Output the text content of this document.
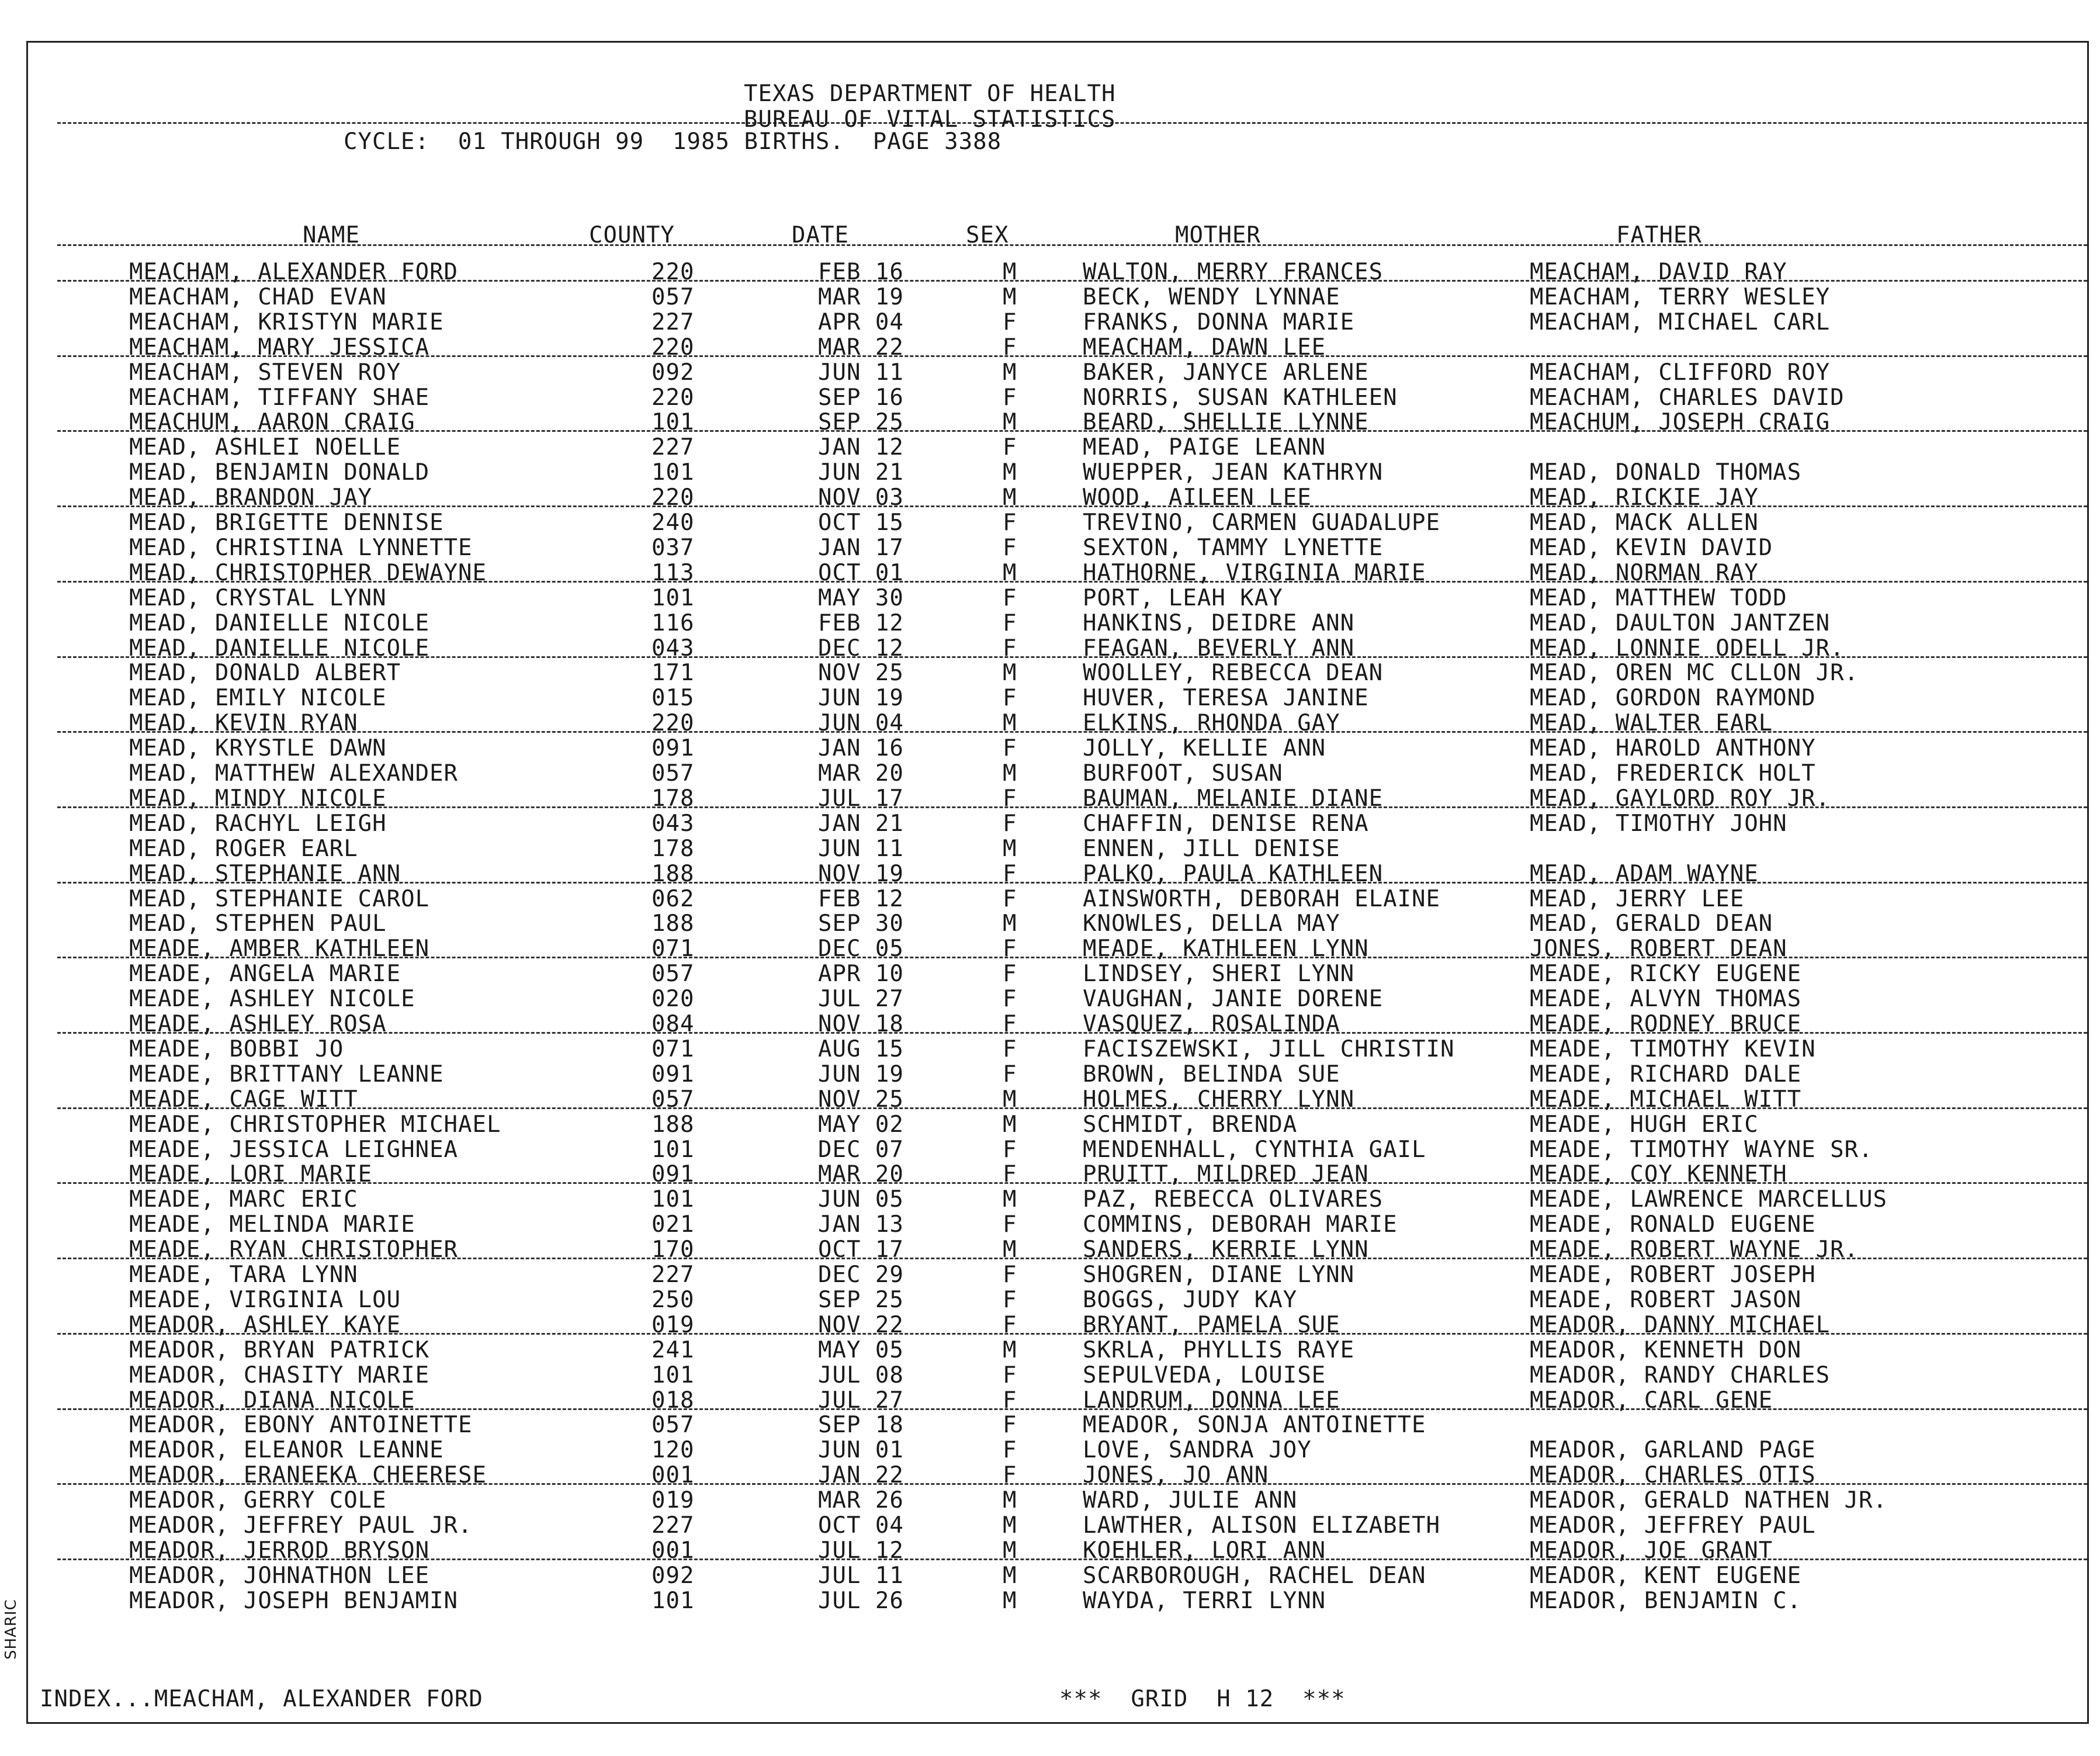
TEXAS DEPARTMENT OF HEALTH
BUREAU OF VITAL STATISTICS
CYCLE:  01 THROUGH 99  1985 BIRTHS.  PAGE 3388
NAME	COUNTY	DATE	SEX	MOTHER	FATHER
MEACHAM, ALEXANDER FORD	220	FEB 16	M	WALTON, MERRY FRANCES	MEACHAM, DAVID RAY
MEACHAM, CHAD EVAN	057	MAR 19	M	BECK, WENDY LYNNAE	MEACHAM, TERRY WESLEY
MEACHAM, KRISTYN MARIE	227	APR 04	F	FRANKS, DONNA MARIE	MEACHAM, MICHAEL CARL
MEACHAM, MARY JESSICA	220	MAR 22	F	MEACHAM, DAWN LEE
MEACHAM, STEVEN ROY	092	JUN 11	M	BAKER, JANYCE ARLENE	MEACHAM, CLIFFORD ROY
MEACHAM, TIFFANY SHAE	220	SEP 16	F	NORRIS, SUSAN KATHLEEN	MEACHAM, CHARLES DAVID
MEACHUM, AARON CRAIG	101	SEP 25	M	BEARD, SHELLIE LYNNE	MEACHUM, JOSEPH CRAIG
MEAD, ASHLEI NOELLE	227	JAN 12	F	MEAD, PAIGE LEANN
MEAD, BENJAMIN DONALD	101	JUN 21	M	WUEPPER, JEAN KATHRYN	MEAD, DONALD THOMAS
MEAD, BRANDON JAY	220	NOV 03	M	WOOD, AILEEN LEE	MEAD, RICKIE JAY
MEAD, BRIGETTE DENNISE	240	OCT 15	F	TREVINO, CARMEN GUADALUPE	MEAD, MACK ALLEN
MEAD, CHRISTINA LYNNETTE	037	JAN 17	F	SEXTON, TAMMY LYNETTE	MEAD, KEVIN DAVID
MEAD, CHRISTOPHER DEWAYNE	113	OCT 01	M	HATHORNE, VIRGINIA MARIE	MEAD, NORMAN RAY
MEAD, CRYSTAL LYNN	101	MAY 30	F	PORT, LEAH KAY	MEAD, MATTHEW TODD
MEAD, DANIELLE NICOLE	116	FEB 12	F	HANKINS, DEIDRE ANN	MEAD, DAULTON JANTZEN
MEAD, DANIELLE NICOLE	043	DEC 12	F	FEAGAN, BEVERLY ANN	MEAD, LONNIE ODELL JR.
MEAD, DONALD ALBERT	171	NOV 25	M	WOOLLEY, REBECCA DEAN	MEAD, OREN MC CLLON JR.
MEAD, EMILY NICOLE	015	JUN 19	F	HUVER, TERESA JANINE	MEAD, GORDON RAYMOND
MEAD, KEVIN RYAN	220	JUN 04	M	ELKINS, RHONDA GAY	MEAD, WALTER EARL
MEAD, KRYSTLE DAWN	091	JAN 16	F	JOLLY, KELLIE ANN	MEAD, HAROLD ANTHONY
MEAD, MATTHEW ALEXANDER	057	MAR 20	M	BURFOOT, SUSAN	MEAD, FREDERICK HOLT
MEAD, MINDY NICOLE	178	JUL 17	F	BAUMAN, MELANIE DIANE	MEAD, GAYLORD ROY JR.
MEAD, RACHYL LEIGH	043	JAN 21	F	CHAFFIN, DENISE RENA	MEAD, TIMOTHY JOHN
MEAD, ROGER EARL	178	JUN 11	M	ENNEN, JILL DENISE
MEAD, STEPHANIE ANN	188	NOV 19	F	PALKO, PAULA KATHLEEN	MEAD, ADAM WAYNE
MEAD, STEPHANIE CAROL	062	FEB 12	F	AINSWORTH, DEBORAH ELAINE	MEAD, JERRY LEE
MEAD, STEPHEN PAUL	188	SEP 30	M	KNOWLES, DELLA MAY	MEAD, GERALD DEAN
MEADE, AMBER KATHLEEN	071	DEC 05	F	MEADE, KATHLEEN LYNN	JONES, ROBERT DEAN
MEADE, ANGELA MARIE	057	APR 10	F	LINDSEY, SHERI LYNN	MEADE, RICKY EUGENE
MEADE, ASHLEY NICOLE	020	JUL 27	F	VAUGHAN, JANIE DORENE	MEADE, ALVYN THOMAS
MEADE, ASHLEY ROSA	084	NOV 18	F	VASQUEZ, ROSALINDA	MEADE, RODNEY BRUCE
MEADE, BOBBI JO	071	AUG 15	F	FACISZEWSKI, JILL CHRISTIN	MEADE, TIMOTHY KEVIN
MEADE, BRITTANY LEANNE	091	JUN 19	F	BROWN, BELINDA SUE	MEADE, RICHARD DALE
MEADE, CAGE WITT	057	NOV 25	M	HOLMES, CHERRY LYNN	MEADE, MICHAEL WITT
MEADE, CHRISTOPHER MICHAEL	188	MAY 02	M	SCHMIDT, BRENDA	MEADE, HUGH ERIC
MEADE, JESSICA LEIGHNEA	101	DEC 07	F	MENDENHALL, CYNTHIA GAIL	MEADE, TIMOTHY WAYNE SR.
MEADE, LORI MARIE	091	MAR 20	F	PRUITT, MILDRED JEAN	MEADE, COY KENNETH
MEADE, MARC ERIC	101	JUN 05	M	PAZ, REBECCA OLIVARES	MEADE, LAWRENCE MARCELLUS
MEADE, MELINDA MARIE	021	JAN 13	F	COMMINS, DEBORAH MARIE	MEADE, RONALD EUGENE
MEADE, RYAN CHRISTOPHER	170	OCT 17	M	SANDERS, KERRIE LYNN	MEADE, ROBERT WAYNE JR.
MEADE, TARA LYNN	227	DEC 29	F	SHOGREN, DIANE LYNN	MEADE, ROBERT JOSEPH
MEADE, VIRGINIA LOU	250	SEP 25	F	BOGGS, JUDY KAY	MEADE, ROBERT JASON
MEADOR, ASHLEY KAYE	019	NOV 22	F	BRYANT, PAMELA SUE	MEADOR, DANNY MICHAEL
MEADOR, BRYAN PATRICK	241	MAY 05	M	SKRLA, PHYLLIS RAYE	MEADOR, KENNETH DON
MEADOR, CHASITY MARIE	101	JUL 08	F	SEPULVEDA, LOUISE	MEADOR, RANDY CHARLES
MEADOR, DIANA NICOLE	018	JUL 27	F	LANDRUM, DONNA LEE	MEADOR, CARL GENE
MEADOR, EBONY ANTOINETTE	057	SEP 18	F	MEADOR, SONJA ANTOINETTE
MEADOR, ELEANOR LEANNE	120	JUN 01	F	LOVE, SANDRA JOY	MEADOR, GARLAND PAGE
MEADOR, ERANEEKA CHEERESE	001	JAN 22	F	JONES, JO ANN	MEADOR, CHARLES OTIS
MEADOR, GERRY COLE	019	MAR 26	M	WARD, JULIE ANN	MEADOR, GERALD NATHEN JR.
MEADOR, JEFFREY PAUL JR.	227	OCT 04	M	LAWTHER, ALISON ELIZABETH	MEADOR, JEFFREY PAUL
MEADOR, JERROD BRYSON	001	JUL 12	M	KOEHLER, LORI ANN	MEADOR, JOE GRANT
MEADOR, JOHNATHON LEE	092	JUL 11	M	SCARBOROUGH, RACHEL DEAN	MEADOR, KENT EUGENE
MEADOR, JOSEPH BENJAMIN	101	JUL 26	M	WAYDA, TERRI LYNN	MEADOR, BENJAMIN C.
INDEX...MEACHAM, ALEXANDER FORD	***  GRID  H 12  ***
SHARIC
